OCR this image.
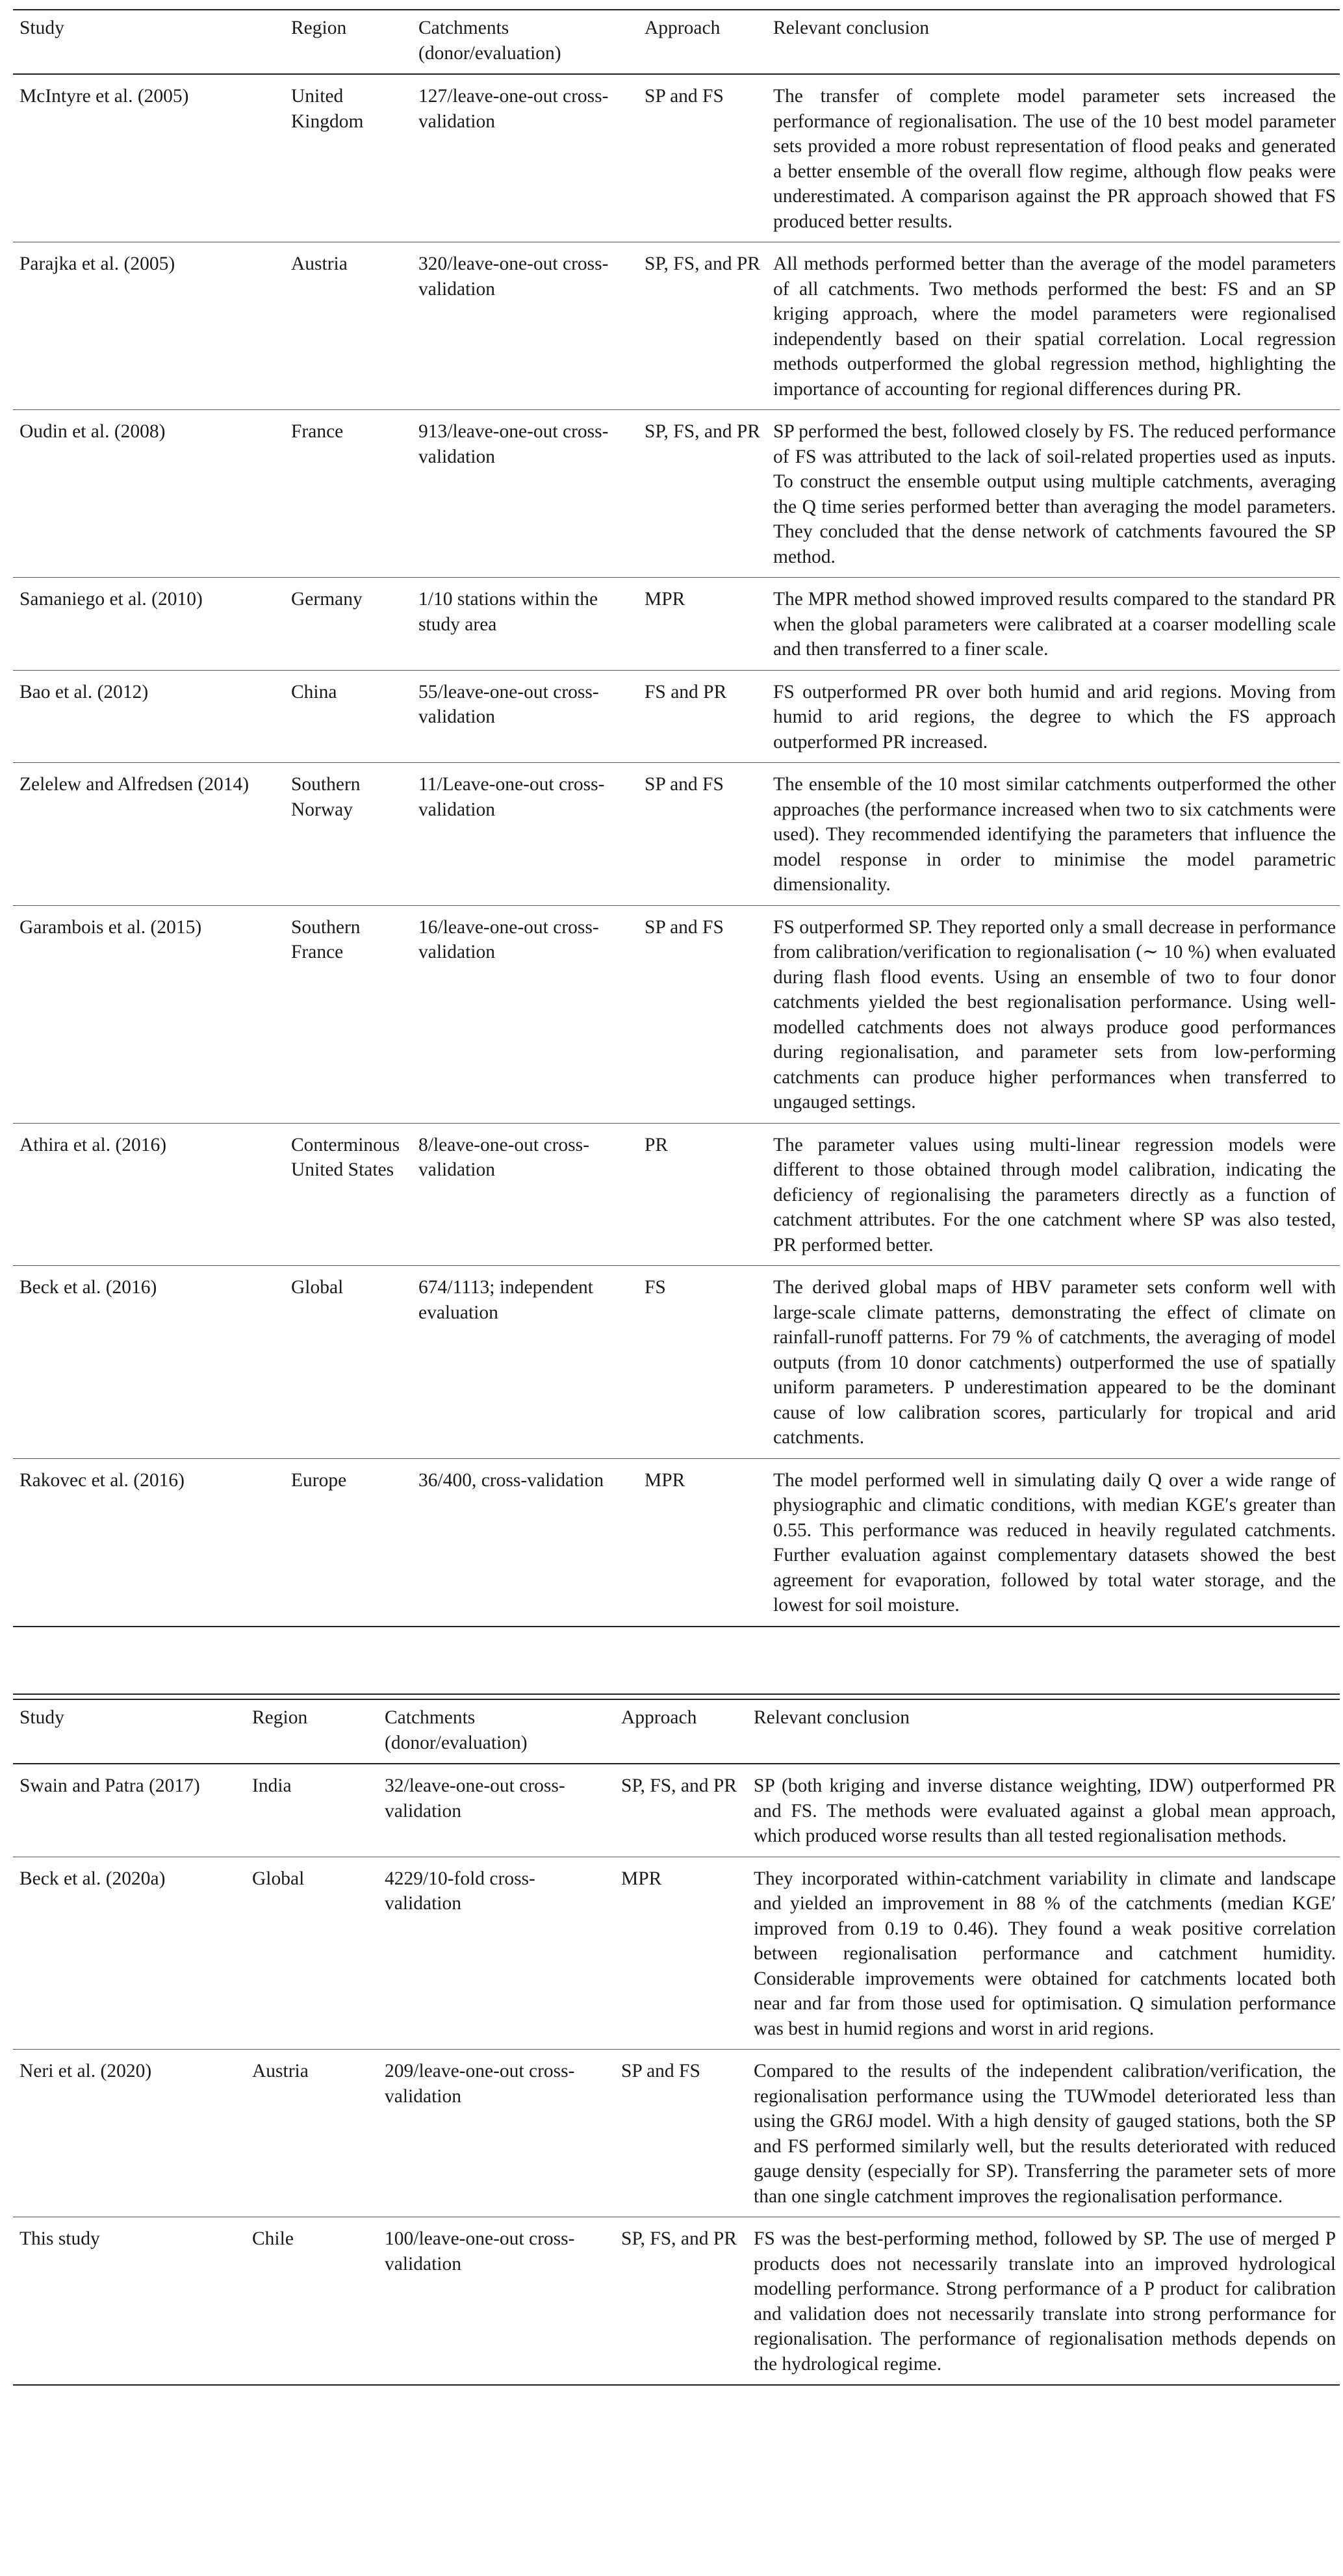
Study	Region	Catchments (donor/evaluation)	Approach	Relevant conclusion
McIntyre et al. (2005)	United Kingdom	127/leave-one-out cross-validation	SP and FS	The transfer of complete model parameter sets increased the performance of regionalisation. The use of the 10 best model parameter sets provided a more robust representation of flood peaks and generated a better ensemble of the overall flow regime, although flow peaks were underestimated. A comparison against the PR approach showed that FS produced better results.
Parajka et al. (2005)	Austria	320/leave-one-out cross-validation	SP, FS, and PR	All methods performed better than the average of the model parameters of all catchments. Two methods performed the best: FS and an SP kriging approach, where the model parameters were regionalised independently based on their spatial correlation. Local regression methods outperformed the global regression method, highlighting the importance of accounting for regional differences during PR.
Oudin et al. (2008)	France	913/leave-one-out cross-validation	SP, FS, and PR	SP performed the best, followed closely by FS. The reduced performance of FS was attributed to the lack of soil-related properties used as inputs. To construct the ensemble output using multiple catchments, averaging the Q time series performed better than averaging the model parameters. They concluded that the dense network of catchments favoured the SP method.
Samaniego et al. (2010)	Germany	1/10 stations within the study area	MPR	The MPR method showed improved results compared to the standard PR when the global parameters were calibrated at a coarser modelling scale and then transferred to a finer scale.
Bao et al. (2012)	China	55/leave-one-out cross-validation	FS and PR	FS outperformed PR over both humid and arid regions. Moving from humid to arid regions, the degree to which the FS approach outperformed PR increased.
Zelelew and Alfredsen (2014)	Southern Norway	11/Leave-one-out cross-validation	SP and FS	The ensemble of the 10 most similar catchments outperformed the other approaches (the performance increased when two to six catchments were used). They recommended identifying the parameters that influence the model response in order to minimise the model parametric dimensionality.
Garambois et al. (2015)	Southern France	16/leave-one-out cross-validation	SP and FS	FS outperformed SP. They reported only a small decrease in performance from calibration/verification to regionalisation (∼ 10 %) when evaluated during flash flood events. Using an ensemble of two to four donor catchments yielded the best regionalisation performance. Using well-modelled catchments does not always produce good performances during regionalisation, and parameter sets from low-performing catchments can produce higher performances when transferred to ungauged settings.
Athira et al. (2016)	Conterminous United States	8/leave-one-out cross-validation	PR	The parameter values using multi-linear regression models were different to those obtained through model calibration, indicating the deficiency of regionalising the parameters directly as a function of catchment attributes. For the one catchment where SP was also tested, PR performed better.
Beck et al. (2016)	Global	674/1113; independent evaluation	FS	The derived global maps of HBV parameter sets conform well with large-scale climate patterns, demonstrating the effect of climate on rainfall-runoff patterns. For 79 % of catchments, the averaging of model outputs (from 10 donor catchments) outperformed the use of spatially uniform parameters. P underestimation appeared to be the dominant cause of low calibration scores, particularly for tropical and arid catchments.
Rakovec et al. (2016)	Europe	36/400, cross-validation	MPR	The model performed well in simulating daily Q over a wide range of physiographic and climatic conditions, with median KGE′s greater than 0.55. This performance was reduced in heavily regulated catchments. Further evaluation against complementary datasets showed the best agreement for evaporation, followed by total water storage, and the lowest for soil moisture.
Study	Region	Catchments (donor/evaluation)	Approach	Relevant conclusion
Swain and Patra (2017)	India	32/leave-one-out cross-validation	SP, FS, and PR	SP (both kriging and inverse distance weighting, IDW) outperformed PR and FS. The methods were evaluated against a global mean approach, which produced worse results than all tested regionalisation methods.
Beck et al. (2020a)	Global	4229/10-fold cross-validation	MPR	They incorporated within-catchment variability in climate and landscape and yielded an improvement in 88 % of the catchments (median KGE′ improved from 0.19 to 0.46). They found a weak positive correlation between regionalisation performance and catchment humidity. Considerable improvements were obtained for catchments located both near and far from those used for optimisation. Q simulation performance was best in humid regions and worst in arid regions.
Neri et al. (2020)	Austria	209/leave-one-out cross-validation	SP and FS	Compared to the results of the independent calibration/verification, the regionalisation performance using the TUWmodel deteriorated less than using the GR6J model. With a high density of gauged stations, both the SP and FS performed similarly well, but the results deteriorated with reduced gauge density (especially for SP). Transferring the parameter sets of more than one single catchment improves the regionalisation performance.
This study	Chile	100/leave-one-out cross-validation	SP, FS, and PR	FS was the best-performing method, followed by SP. The use of merged P products does not necessarily translate into an improved hydrological modelling performance. Strong performance of a P product for calibration and validation does not necessarily translate into strong performance for regionalisation. The performance of regionalisation methods depends on the hydrological regime.
